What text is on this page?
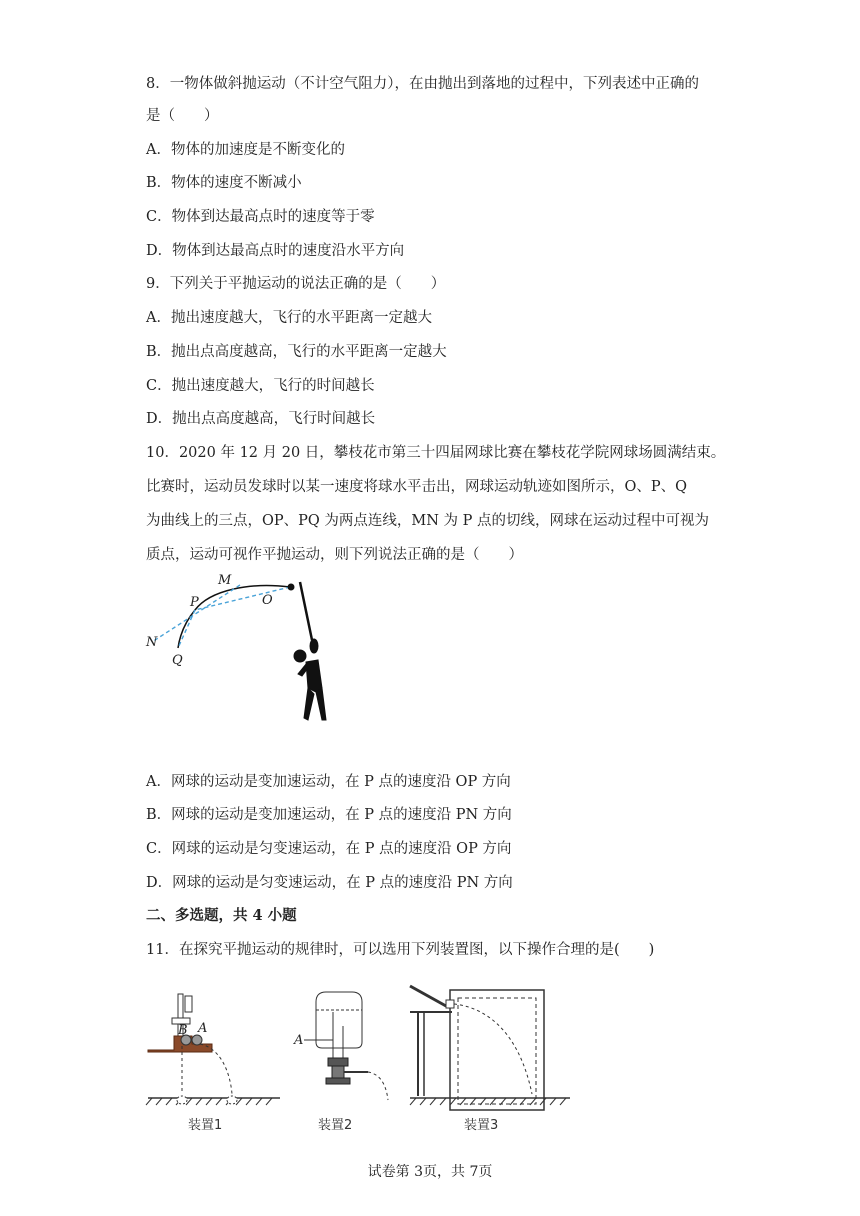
8．一物体做斜抛运动（不计空气阻力），在由抛出到落地的过程中，下列表述中正确的
是（　　）
A．物体的加速度是不断变化的
B．物体的速度不断减小
C．物体到达最高点时的速度等于零
D．物体到达最高点时的速度沿水平方向
9．下列关于平抛运动的说法正确的是（　　）
A．抛出速度越大，飞行的水平距离一定越大
B．抛出点高度越高，飞行的水平距离一定越大
C．抛出速度越大，飞行的时间越长
D．抛出点高度越高，飞行时间越长
10．2020 年 12 月 20 日，攀枝花市第三十四届网球比赛在攀枝花学院网球场圆满结束。
比赛时，运动员发球时以某一速度将球水平击出，网球运动轨迹如图所示，O、P、Q
为曲线上的三点，OP、PQ 为两点连线，MN 为 P 点的切线，网球在运动过程中可视为
质点，运动可视作平抛运动，则下列说法正确的是（　　）
M
P	O
N
Q
A．网球的运动是变加速运动，在 P 点的速度沿 OP 方向
B．网球的运动是变加速运动，在 P 点的速度沿 PN 方向
C．网球的运动是匀变速运动，在 P 点的速度沿 OP 方向
D．网球的运动是匀变速运动，在 P 点的速度沿 PN 方向
二、多选题，共 4 小题
11．在探究平抛运动的规律时，可以选用下列装置图，以下操作合理的是(　　)
B A
装置1
A
装置2	装置3
试卷第 3页，共 7页
